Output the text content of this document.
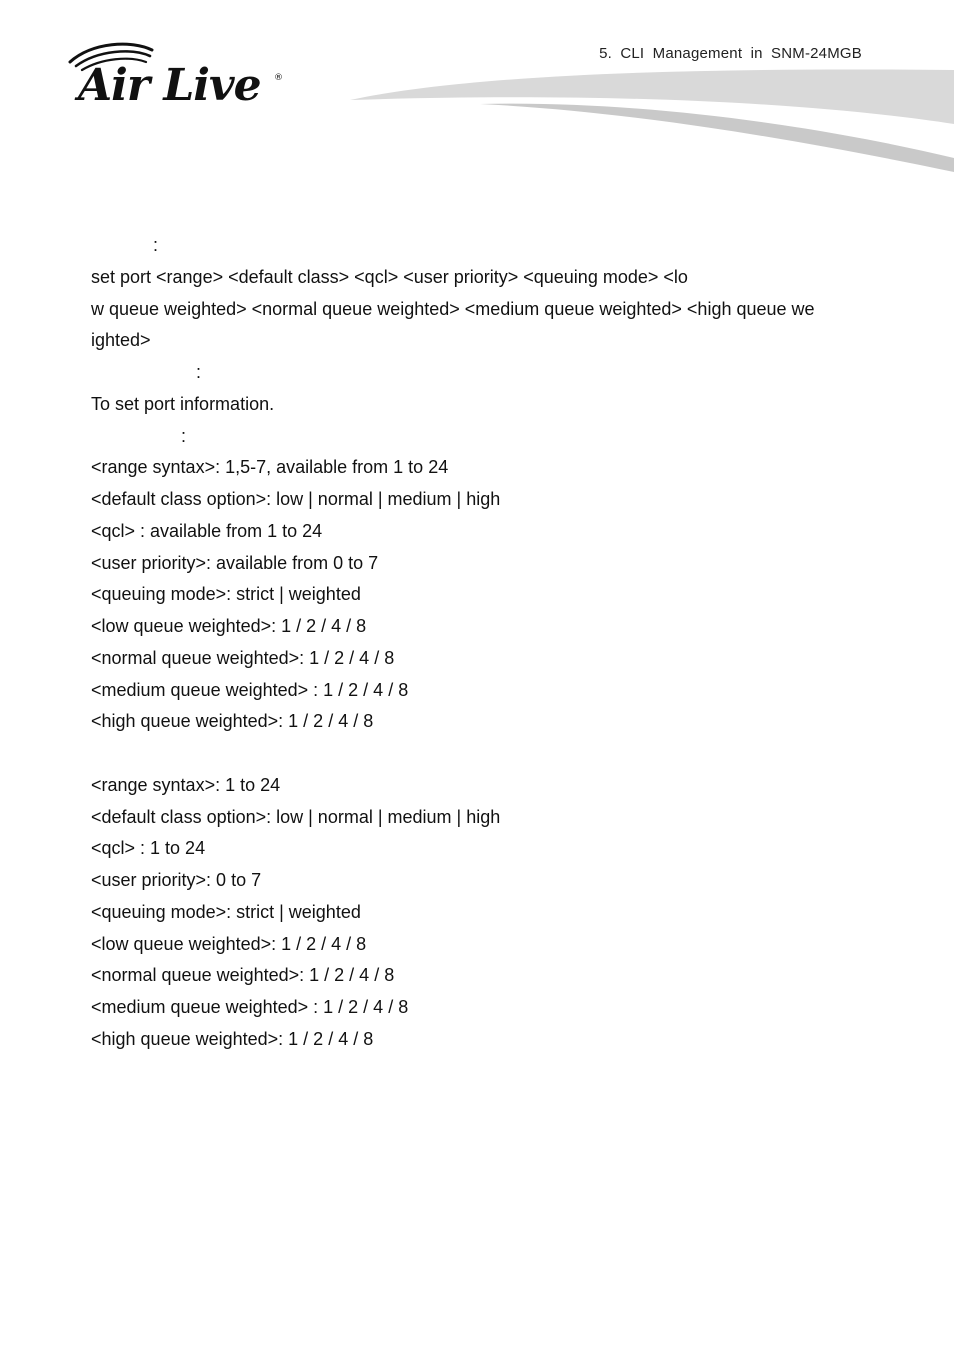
5. CLI Management in SNM-24MGB
Air Live ®

:

set port <range> <default class> <qcl> <user priority> <queuing mode> <lo
w queue weighted> <normal queue weighted> <medium queue weighted> <high queue we
ighted>

:

To set port information.

:

<range syntax>: 1,5-7, available from 1 to 24
<default class option>: low | normal | medium | high
<qcl> : available from 1 to 24
<user priority>: available from 0 to 7
<queuing mode>: strict | weighted
<low queue weighted>: 1 / 2 / 4 / 8
<normal queue weighted>: 1 / 2 / 4 / 8
<medium queue weighted> : 1 / 2 / 4 / 8
<high queue weighted>: 1 / 2 / 4 / 8
<range syntax>: 1 to 24
<default class option>: low | normal | medium | high
<qcl> : 1 to 24
<user priority>: 0 to 7
<queuing mode>: strict | weighted
<low queue weighted>: 1 / 2 / 4 / 8
<normal queue weighted>: 1 / 2 / 4 / 8
<medium queue weighted> : 1 / 2 / 4 / 8
<high queue weighted>: 1 / 2 / 4 / 8
